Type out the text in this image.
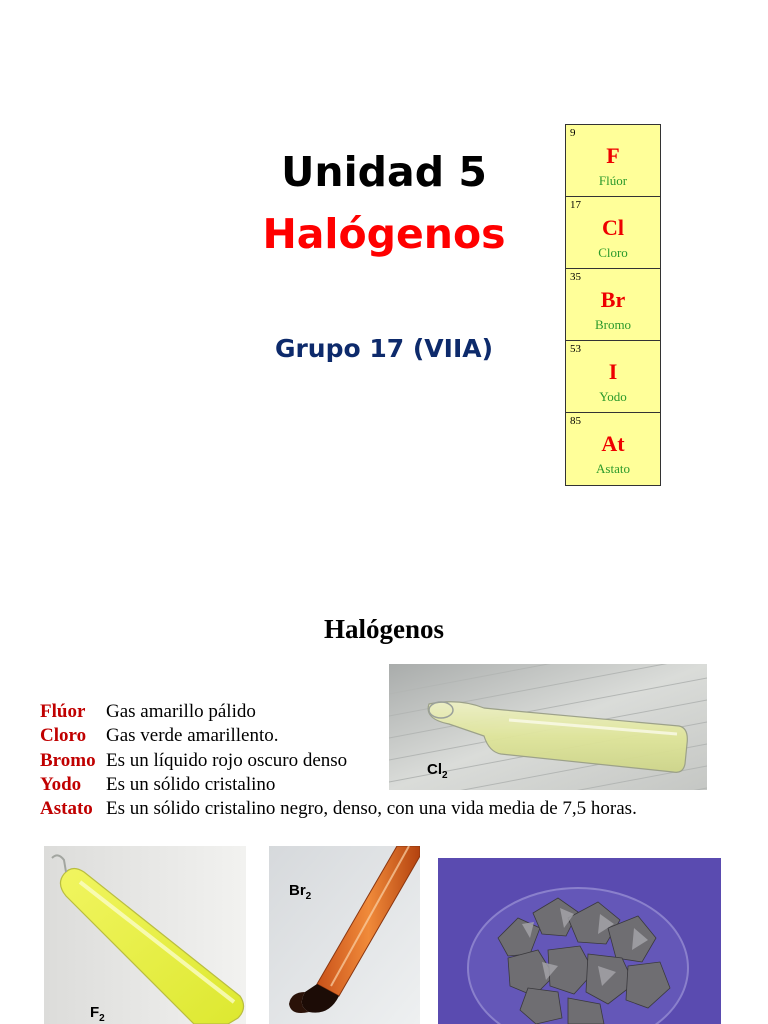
Unidad 5
Halógenos
Grupo 17 (VIIA)
9
F
Flúor
17
Cl
Cloro
35
Br
Bromo
53
I
Yodo
85
At
Astato
Halógenos
Flúor Gas amarillo pálido
Cloro Gas verde amarillento.
Bromo Es un líquido rojo oscuro denso
Yodo Es un sólido cristalino
Astato Es un sólido cristalino negro, denso, con una vida media de 7,5 horas.
$Cl_2$
$F_2$
$Br_2$
